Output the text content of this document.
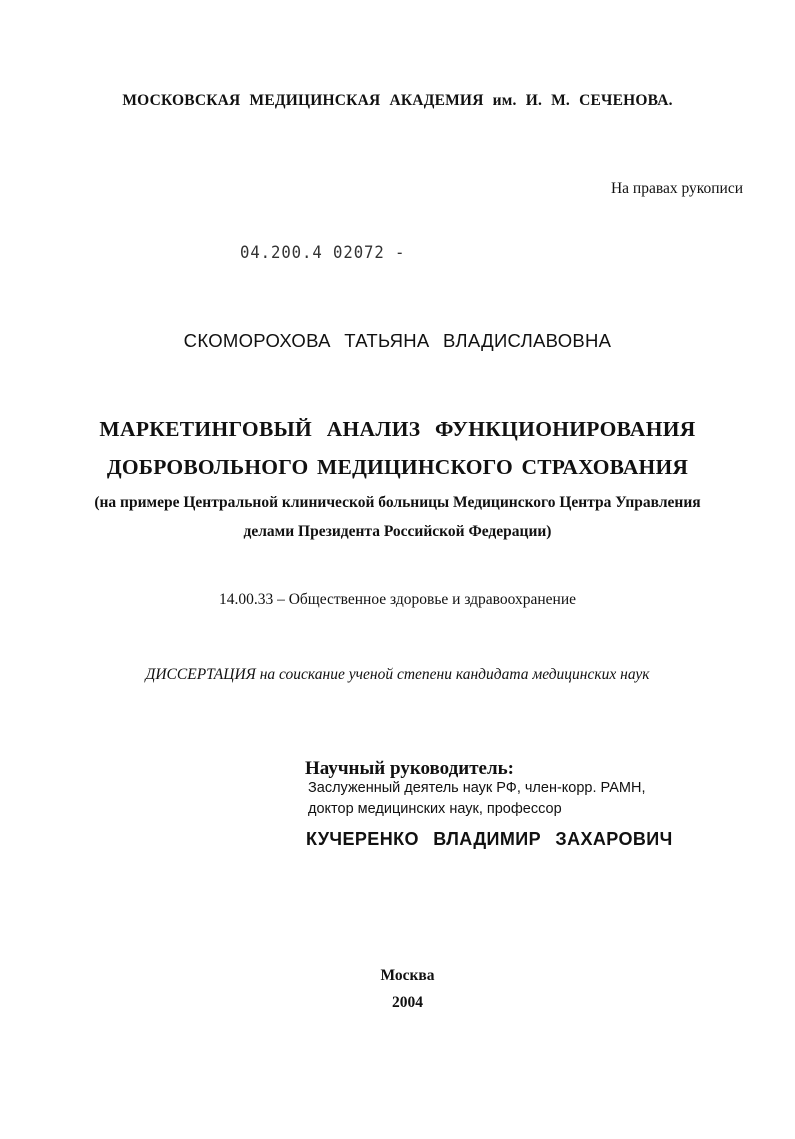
МОСКОВСКАЯ МЕДИЦИНСКАЯ АКАДЕМИЯ им. И. М. СЕЧЕНОВА.
На правах рукописи
04.200.4 02072 -
СКОМОРОХОВА ТАТЬЯНА ВЛАДИСЛАВОВНА
МАРКЕТИНГОВЫЙ АНАЛИЗ ФУНКЦИОНИРОВАНИЯ
ДОБРОВОЛЬНОГО МЕДИЦИНСКОГО СТРАХОВАНИЯ
(на примере Центральной клинической больницы Медицинского Центра Управления
делами Президента Российской Федерации)
14.00.33 – Общественное здоровье и здравоохранение
ДИССЕРТАЦИЯ на соискание ученой степени кандидата медицинских наук
Научный руководитель:
Заслуженный деятель наук РФ, член-корр. РАМН,
доктор медицинских наук, профессор
КУЧЕРЕНКО ВЛАДИМИР ЗАХАРОВИЧ
Москва
2004
